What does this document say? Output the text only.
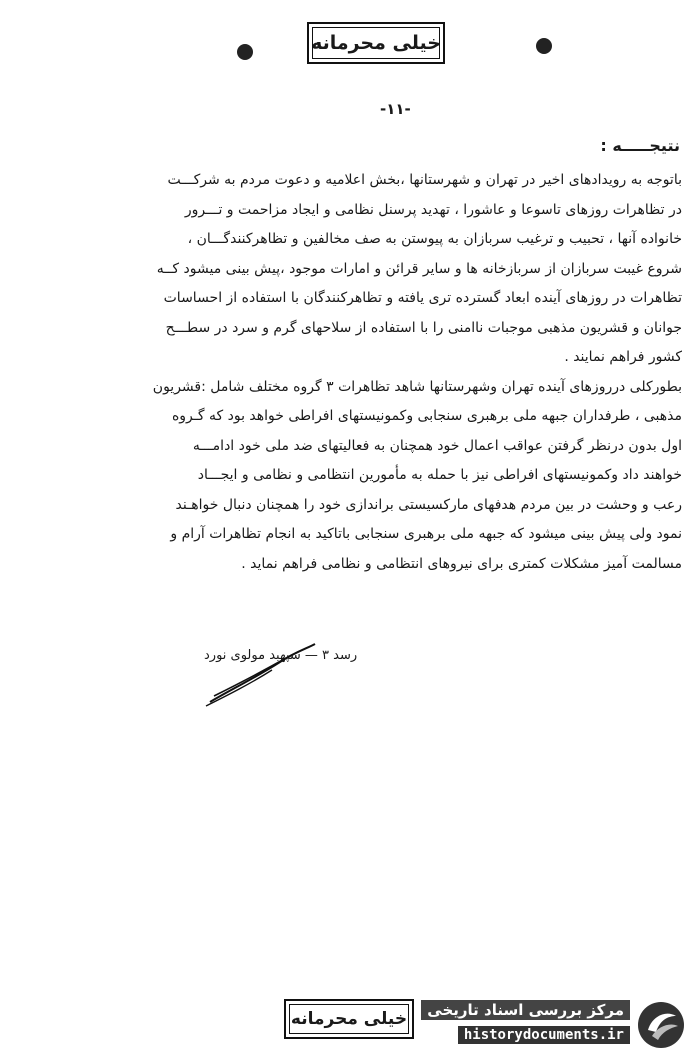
خیلی محرمانه
-۱۱-
نتیجـــــه :
باتوجه به رویدادهای اخیر در تهران و شهرستانها ،بخش اعلامیه و دعوت مردم به شرکـــت
در تظاهرات روزهای تاسوعا و عاشورا ، تهدید پرسنل نظامی و ایجاد مزاحمت و تـــرور
خانواده آنها ، تحبیب و ترغیب سربازان به پیوستن به صف مخالفین و تظاهرکنندگـــان ،
شروع غیبت سربازان از سربازخانه ها و سایر قرائن و امارات موجود ،پیش بینی میشود کــه
تظاهرات در روزهای آینده ابعاد گسترده تری یافته و تظاهرکنندگان با استفاده از احساسات
جوانان و قشریون مذهبی موجبات ناامنی را با استفاده از سلاحهای گرم و سرد در سطـــح
کشور فراهم نمایند .
بطورکلی درروزهای آینده تهران وشهرستانها شاهد تظاهرات ۳ گروه مختلف شامل :قشریون
مذهبی ، طرفداران جبهه ملی برهبری سنجابی وکمونیستهای افراطی خواهد بود که گـروه
اول بدون درنظر گرفتن عواقب اعمال خود همچنان به فعالیتهای ضد ملی خود ادامـــه
خواهند داد وکمونیستهای افراطی نیز با حمله به مأمورین انتظامی و نظامی و ایجـــاد
رعب و وحشت در بین مردم هدفهای مارکسیستی براندازی خود را همچنان دنبال خواهـند
نمود ولی پیش بینی میشود که جبهه ملی برهبری سنجابی باتاکید به انجام تظاهرات آرام و
مسالمت آمیز مشکلات کمتری برای نیروهای انتظامی و نظامی فراهم نماید .
رسد ۳ — سپهبد مولوی نورد
خیلی محرمانه	مرکز بررسی اسناد تاریخی
historydocuments.ir
